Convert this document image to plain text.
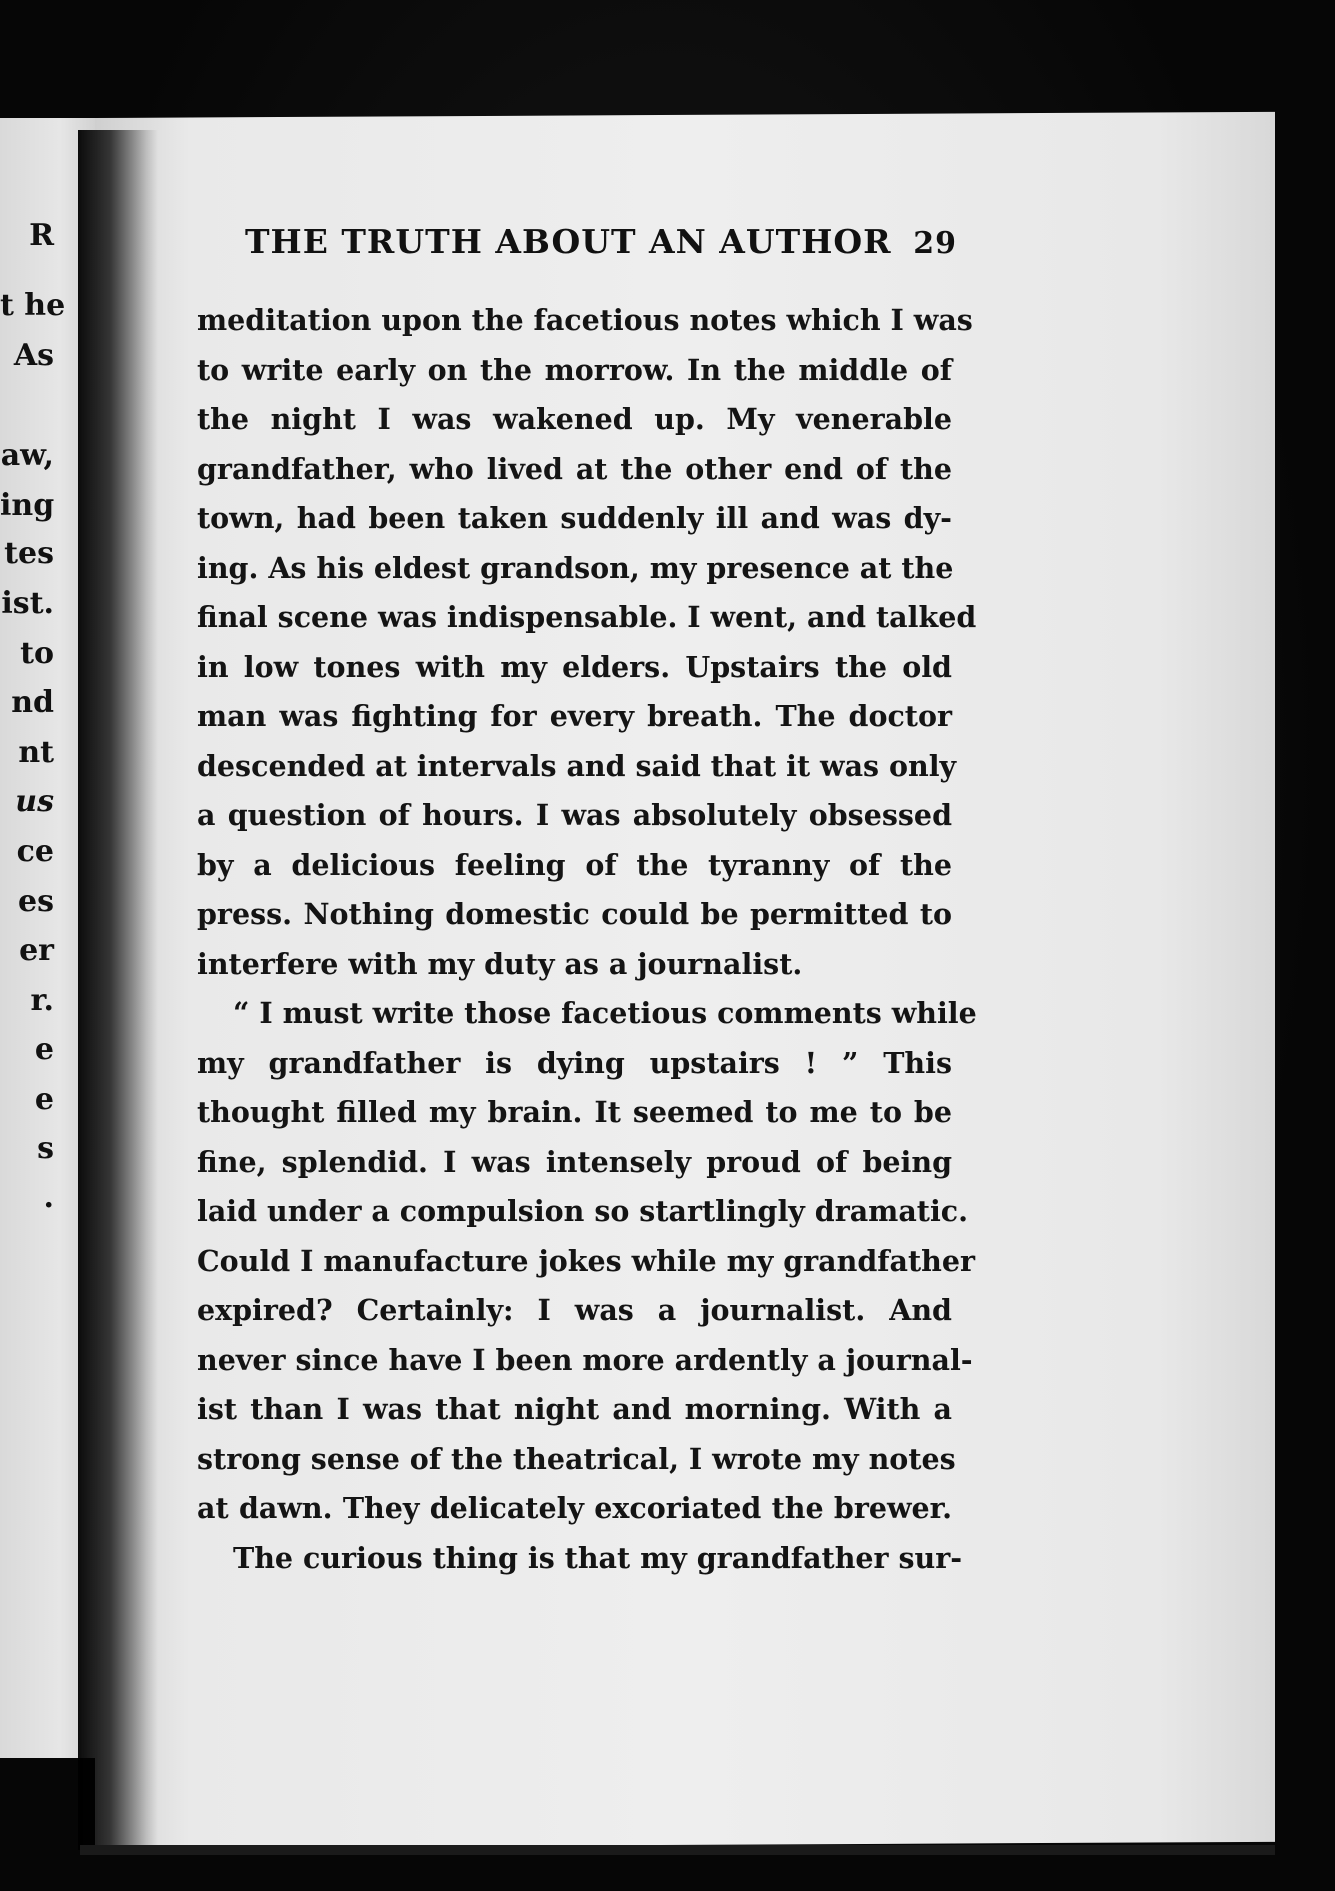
R
t he
As
aw,
ing
tes
ist.
to
nd
nt
us
ce
es
er
r.
e
e
s
.
THE TRUTH ABOUT AN AUTHOR 29
meditation upon the facetious notes which I was
to write early on the morrow. In the middle of
the night I was wakened up. My venerable
grandfather, who lived at the other end of the
town, had been taken suddenly ill and was dy-
ing. As his eldest grandson, my presence at the
final scene was indispensable. I went, and talked
in low tones with my elders. Upstairs the old
man was fighting for every breath. The doctor
descended at intervals and said that it was only
a question of hours. I was absolutely obsessed
by a delicious feeling of the tyranny of the
press. Nothing domestic could be permitted to
interfere with my duty as a journalist.
“ I must write those facetious comments while
my grandfather is dying upstairs ! ” This
thought filled my brain. It seemed to me to be
fine, splendid. I was intensely proud of being
laid under a compulsion so startlingly dramatic.
Could I manufacture jokes while my grandfather
expired? Certainly: I was a journalist. And
never since have I been more ardently a journal-
ist than I was that night and morning. With a
strong sense of the theatrical, I wrote my notes
at dawn. They delicately excoriated the brewer.
The curious thing is that my grandfather sur-
